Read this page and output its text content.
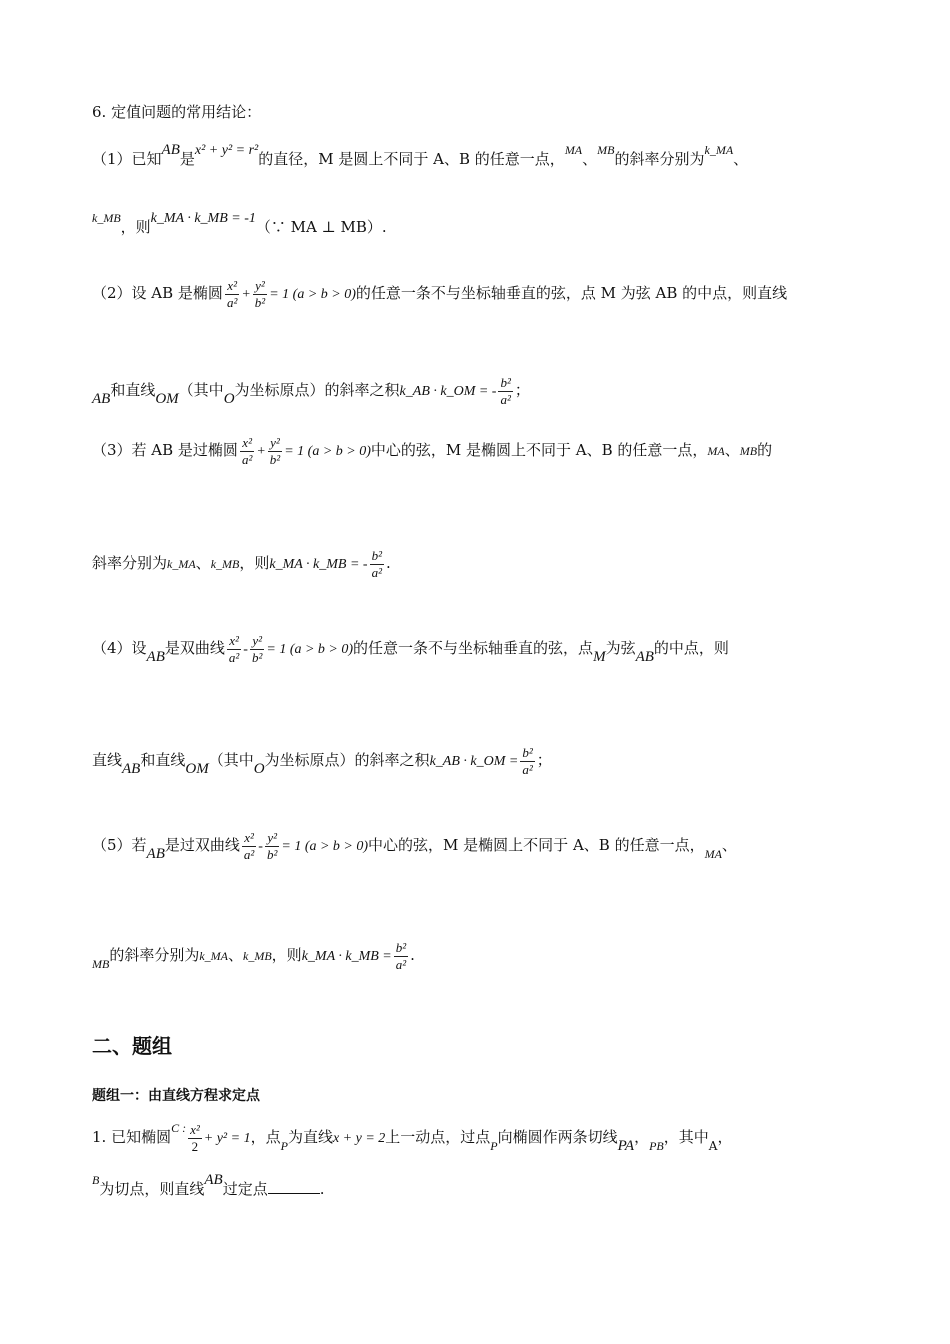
6. 定值问题的常用结论：
（1）已知AB是x² + y² = r²的直径，M 是圆上不同于 A、B 的任意一点，$^{MA}$、$^{MB}$的斜率分别为$^{k\_MA}$、
$^{k\_MB}$，则k_MA · k_MB = -1（∵ MA ⊥ MB）.
（2）设 AB 是椭圆 $\frac{\text{x²}}{\text{a²}} + \frac{\text{y²}}{\text{b²}} = 1$ (a > b > 0)的任意一条不与坐标轴垂直的弦，点 M 为弦 AB 的中点，则直线
AB和直线OM（其中O为坐标原点）的斜率之积k_AB · k_OM = - $\frac{\text{b²}}{\text{a²}}$ ；
（3）若 AB 是过椭圆 $\frac{\text{x²}}{\text{a²}} + \frac{\text{y²}}{\text{b²}} = 1$ (a > b > 0)中心的弦，M 是椭圆上不同于 A、B 的任意一点，MA、MB的
斜率分别为k_MA、k_MB，则k_MA · k_MB = - $\frac{\text{b²}}{\text{a²}}$ .
（4）设AB是双曲线 $\frac{\text{x²}}{\text{a²}} - \frac{\text{y²}}{\text{b²}} = 1$ (a > b > 0)的任意一条不与坐标轴垂直的弦，点M为弦AB的中点，则
直线AB和直线OM（其中O为坐标原点）的斜率之积k_AB · k_OM = $\frac{\text{b²}}{\text{a²}}$ ；
（5）若AB是过双曲线 $\frac{\text{x²}}{\text{a²}} - \frac{\text{y²}}{\text{b²}} = 1$ (a > b > 0)中心的弦，M 是椭圆上不同于 A、B 的任意一点，$_{MA}$、
$_{MB}$的斜率分别为k_MA、k_MB，则k_MA · k_MB = $\frac{\text{b²}}{\text{a²}}$ .
二、题组
题组一：由直线方程求定点
1. 已知椭圆$^{C :} \frac{\text{x²}}{2} + y^2 = 1$，点$_P$为直线x + y = 2上一动点，过点$_P$向椭圆作两条切线PA，$_{PB}$，其中$_A$，
$^B$为切点，则直线AB过定点	.
